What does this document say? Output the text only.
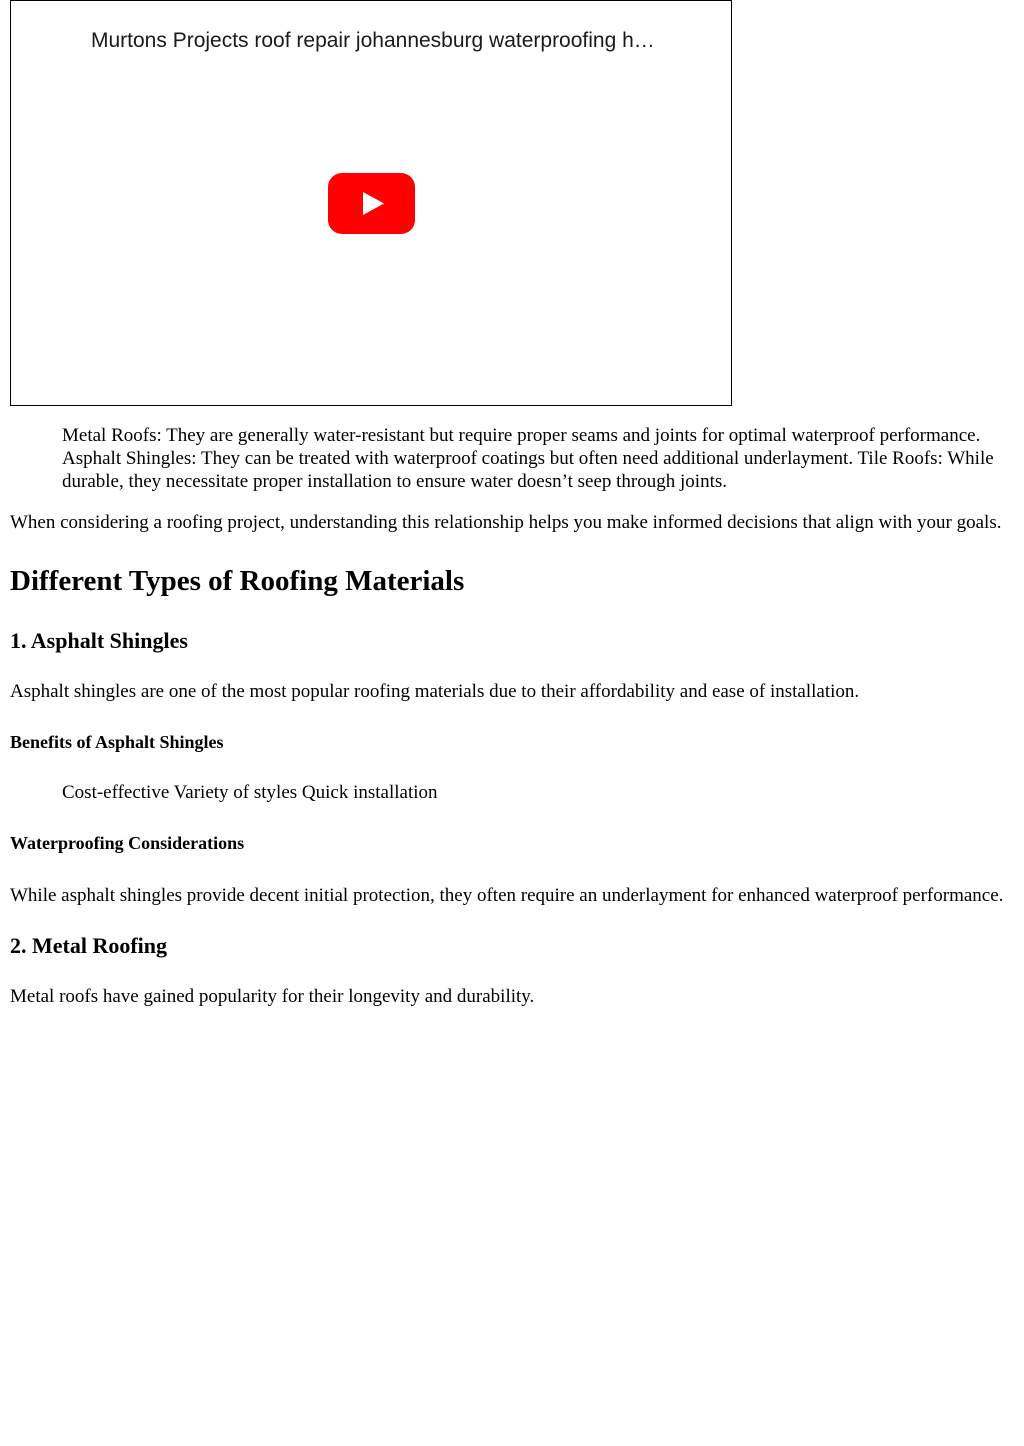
Murtons Projects roof repair johannesburg waterproofing h…
Metal Roofs: They are generally water-resistant but require proper seams and joints for optimal waterproof performance. Asphalt Shingles: They can be treated with waterproof coatings but often need additional underlayment. Tile Roofs: While durable, they necessitate proper installation to ensure water doesn’t seep through joints.

When considering a roofing project, understanding this relationship helps you make informed decisions that align with your goals.

Different Types of Roofing Materials
1. Asphalt Shingles

Asphalt shingles are one of the most popular roofing materials due to their affordability and ease of installation.

Benefits of Asphalt Shingles
Cost-effective Variety of styles Quick installation
Waterproofing Considerations

While asphalt shingles provide decent initial protection, they often require an underlayment for enhanced waterproof performance.

2. Metal Roofing

Metal roofs have gained popularity for their longevity and durability.
